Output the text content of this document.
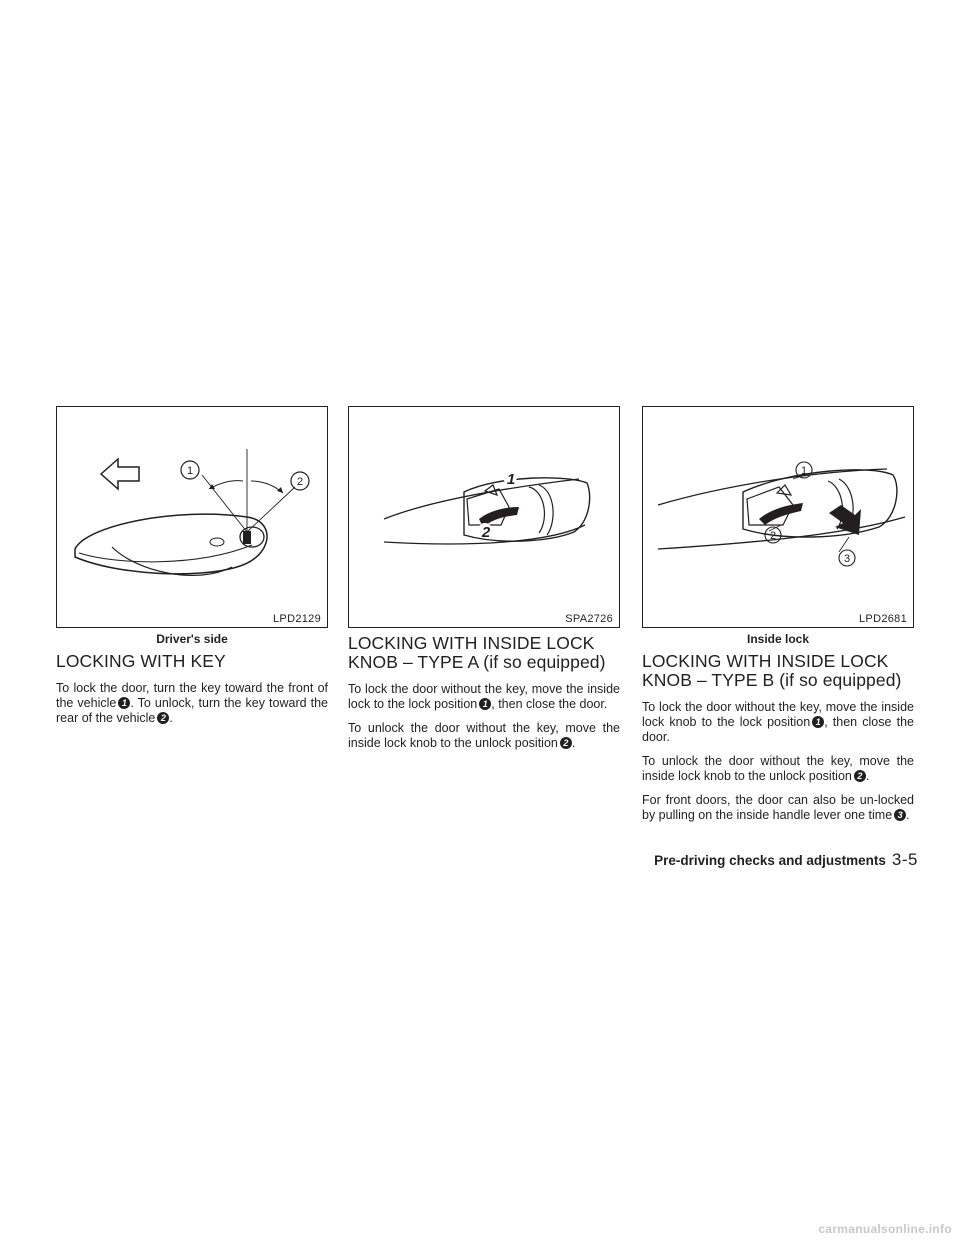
1
2
LPD2129
Driver's side
LOCKING WITH KEY

To lock the door, turn the key toward the front of the vehicle 1 . To unlock, turn the key toward the rear of the vehicle 2 .

1
2
SPA2726
LOCKING WITH INSIDE LOCK
KNOB – TYPE A (if so equipped)

To lock the door without the key, move the inside lock to the lock position 1 , then close the door.

To unlock the door without the key, move the inside lock knob to the unlock position 2 .

1
2
3
LPD2681
Inside lock
LOCKING WITH INSIDE LOCK
KNOB – TYPE B (if so equipped)

To lock the door without the key, move the inside lock knob to the lock position 1 , then close the door.

To unlock the door without the key, move the inside lock knob to the unlock position 2 .

For front doors, the door can also be un-locked by pulling on the inside handle lever one time 3 .

Pre-driving checks and adjustments 3-5
carmanualsonline.info
